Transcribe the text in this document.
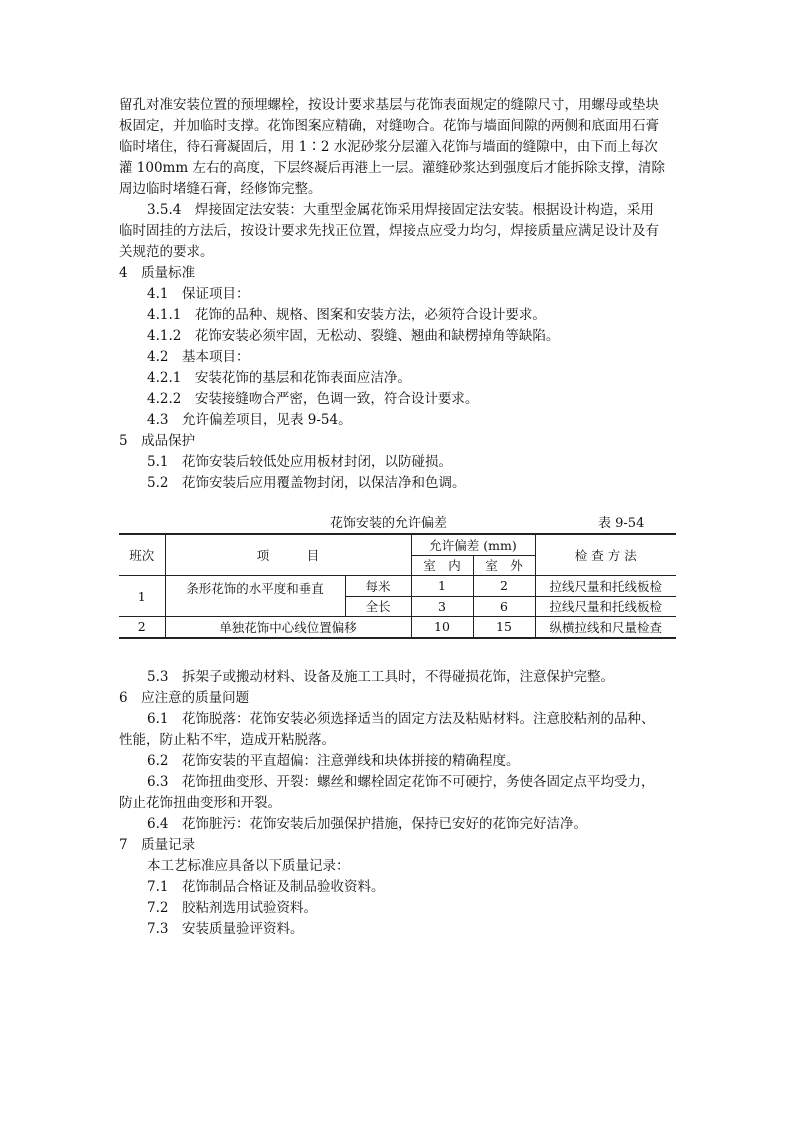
留孔对准安装位置的预埋螺栓，按设计要求基层与花饰表面规定的缝隙尺寸，用螺母或垫块
板固定，并加临时支撑。花饰图案应精确，对缝吻合。花饰与墙面间隙的两侧和底面用石膏
临时堵住，待石膏凝固后，用 1∶2 水泥砂浆分层灌入花饰与墙面的缝隙中，由下而上每次
灌 100mm 左右的高度，下层终凝后再港上一层。灌缝砂浆达到强度后才能拆除支撑，清除
周边临时堵缝石膏，经修饰完整。
3.5.4　焊接固定法安装：大重型金属花饰采用焊接固定法安装。根据设计构造，采用
临时固挂的方法后，按设计要求先找正位置，焊接点应受力均匀，焊接质量应满足设计及有
关规范的要求。
4　质量标准
4.1　保证项目：
4.1.1　花饰的品种、规格、图案和安装方法，必须符合设计要求。
4.1.2　花饰安装必须牢固，无松动、裂缝、翘曲和缺楞掉角等缺陷。
4.2　基本项目：
4.2.1　安装花饰的基层和花饰表面应洁净。
4.2.2　安装接缝吻合严密，色调一致，符合设计要求。
4.3　允许偏差项目，见表 9-54。
5　成品保护
5.1　花饰安装后较低处应用板材封闭，以防碰损。
5.2　花饰安装后应用覆盖物封闭，以保洁净和色调。
花饰安装的允许偏差	表 9-54
班次	项　　　目		允许偏差 (mm)		检 查 方 法
			室　内	室　外	
1	条形花饰的水平度和垂直	每米	1	2	拉线尺量和托线板检
		全长	3	6	拉线尺量和托线板检
2	单独花饰中心线位置偏移		10	15	纵横拉线和尺量检查
5.3　拆架子或搬动材料、设备及施工工具时，不得碰损花饰，注意保护完整。
6　应注意的质量问题
6.1　花饰脱落：花饰安装必须选择适当的固定方法及粘贴材料。注意胶粘剂的品种、
性能，防止粘不牢，造成开粘脱落。
6.2　花饰安装的平直超偏：注意弹线和块体拼接的精确程度。
6.3　花饰扭曲变形、开裂：螺丝和螺栓固定花饰不可硬拧，务使各固定点平均受力，
防止花饰扭曲变形和开裂。
6.4　花饰脏污：花饰安装后加强保护措施，保持已安好的花饰完好洁净。
7　质量记录
本工艺标准应具备以下质量记录：
7.1　花饰制品合格证及制品验收资料。
7.2　胶粘剂选用试验资料。
7.3　安装质量验评资料。
